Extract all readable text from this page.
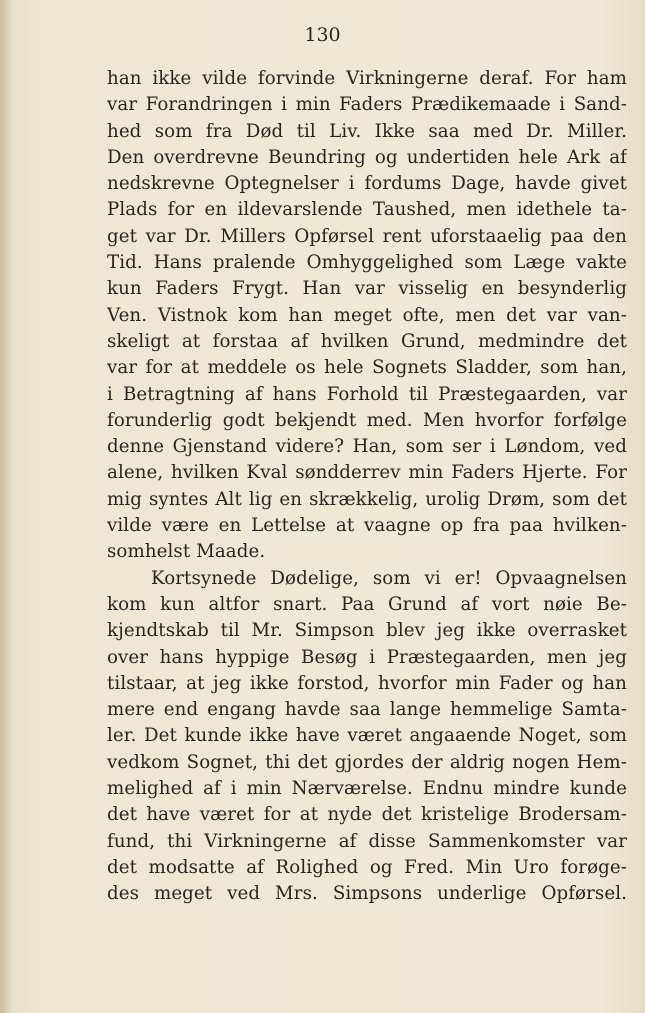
130
han ikke vilde forvinde Virkningerne deraf. For ham
var Forandringen i min Faders Prædikemaade i Sand-
hed som fra Død til Liv. Ikke saa med Dr. Miller.
Den overdrevne Beundring og undertiden hele Ark af
nedskrevne Optegnelser i fordums Dage, havde givet
Plads for en ildevarslende Taushed, men idethele ta-
get var Dr. Millers Opførsel rent uforstaaelig paa den
Tid. Hans pralende Omhyggelighed som Læge vakte
kun Faders Frygt. Han var visselig en besynderlig
Ven. Vistnok kom han meget ofte, men det var van-
skeligt at forstaa af hvilken Grund, medmindre det
var for at meddele os hele Sognets Sladder, som han,
i Betragtning af hans Forhold til Præstegaarden, var
forunderlig godt bekjendt med. Men hvorfor forfølge
denne Gjenstand videre? Han, som ser i Løndom, ved
alene, hvilken Kval søndderrev min Faders Hjerte. For
mig syntes Alt lig en skrækkelig, urolig Drøm, som det
vilde være en Lettelse at vaagne op fra paa hvilken-
somhelst Maade.
Kortsynede Dødelige, som vi er! Opvaagnelsen
kom kun altfor snart. Paa Grund af vort nøie Be-
kjendtskab til Mr. Simpson blev jeg ikke overrasket
over hans hyppige Besøg i Præstegaarden, men jeg
tilstaar, at jeg ikke forstod, hvorfor min Fader og han
mere end engang havde saa lange hemmelige Samta-
ler. Det kunde ikke have været angaaende Noget, som
vedkom Sognet, thi det gjordes der aldrig nogen Hem-
melighed af i min Nærværelse. Endnu mindre kunde
det have været for at nyde det kristelige Brodersam-
fund, thi Virkningerne af disse Sammenkomster var
det modsatte af Rolighed og Fred. Min Uro forøge-
des meget ved Mrs. Simpsons underlige Opførsel.
